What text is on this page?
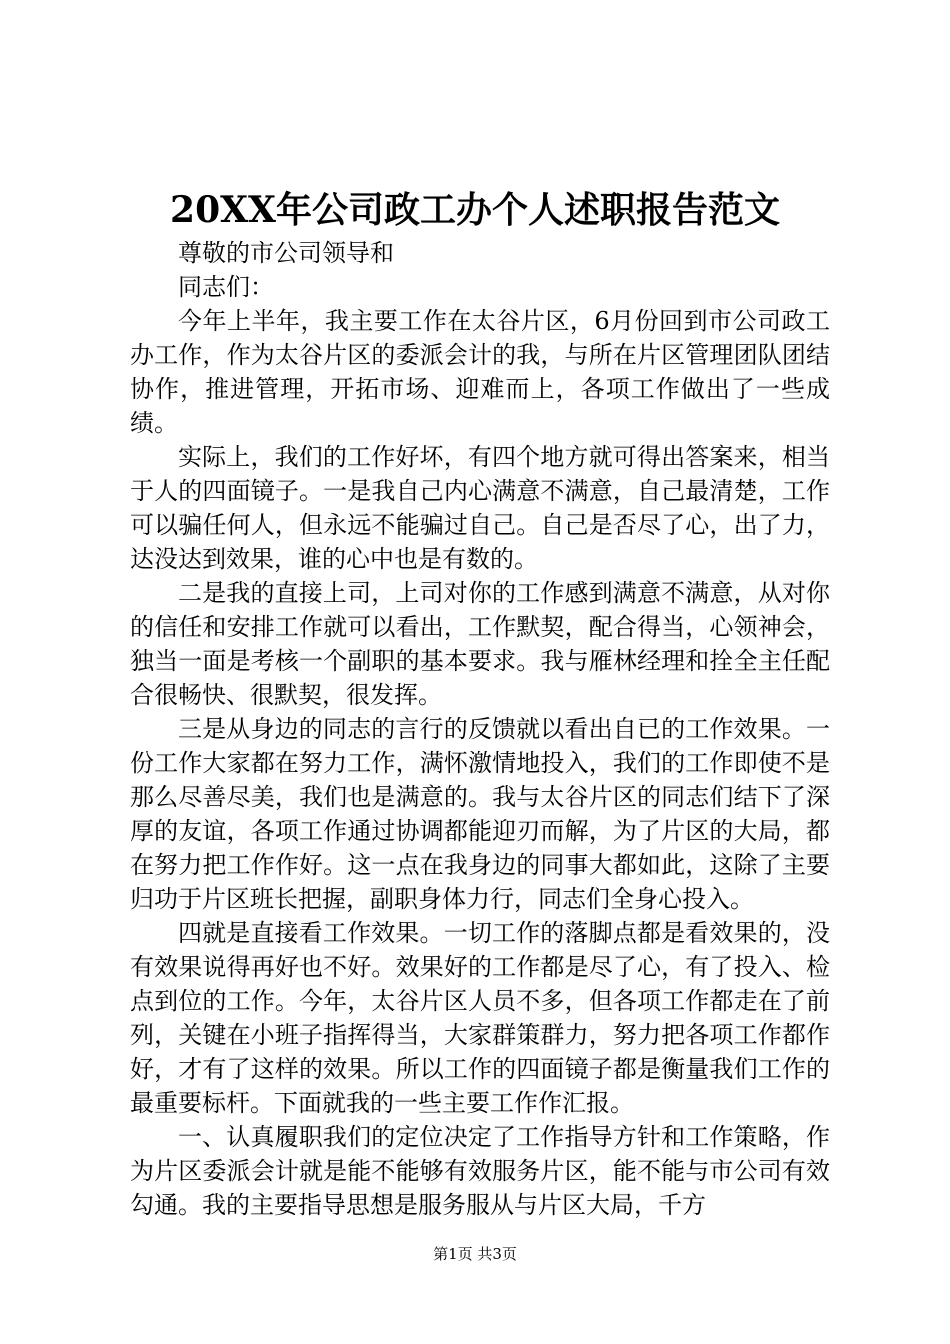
20XX年公司政工办个人述职报告范文

尊敬的市公司领导和

同志们：

今年上半年，我主要工作在太谷片区，6月份回到市公司政工办工作，作为太谷片区的委派会计的我，与所在片区管理团队团结协作，推进管理，开拓市场、迎难而上，各项工作做出了一些成绩。

实际上，我们的工作好坏，有四个地方就可得出答案来，相当于人的四面镜子。一是我自己内心满意不满意，自己最清楚，工作可以骗任何人，但永远不能骗过自己。自己是否尽了心，出了力，达没达到效果，谁的心中也是有数的。

二是我的直接上司，上司对你的工作感到满意不满意，从对你的信任和安排工作就可以看出，工作默契，配合得当，心领神会，独当一面是考核一个副职的基本要求。我与雁林经理和拴全主任配合很畅快、很默契，很发挥。

三是从身边的同志的言行的反馈就以看出自已的工作效果。一份工作大家都在努力工作，满怀激情地投入，我们的工作即使不是那么尽善尽美，我们也是满意的。我与太谷片区的同志们结下了深厚的友谊，各项工作通过协调都能迎刃而解，为了片区的大局，都在努力把工作作好。这一点在我身边的同事大都如此，这除了主要归功于片区班长把握，副职身体力行，同志们全身心投入。

四就是直接看工作效果。一切工作的落脚点都是看效果的，没有效果说得再好也不好。效果好的工作都是尽了心，有了投入、检点到位的工作。今年，太谷片区人员不多，但各项工作都走在了前列，关键在小班子指挥得当，大家群策群力，努力把各项工作都作好，才有了这样的效果。所以工作的四面镜子都是衡量我们工作的最重要标杆。下面就我的一些主要工作作汇报。

一、认真履职我们的定位决定了工作指导方针和工作策略，作为片区委派会计就是能不能够有效服务片区，能不能与市公司有效勾通。我的主要指导思想是服务服从与片区大局，千方

第1页 共3页
